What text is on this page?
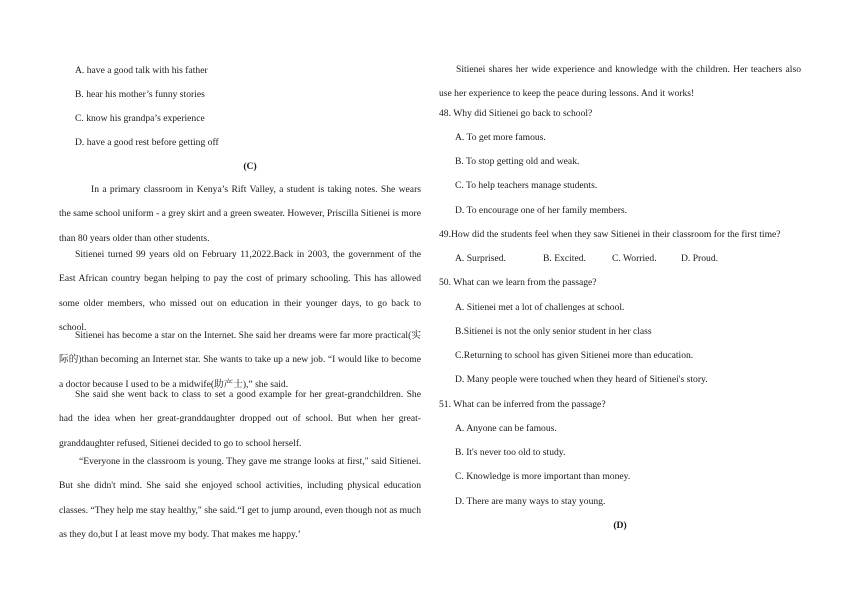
A. have a good talk with his father
B. hear his mother’s funny stories
C. know his grandpa’s experience
D. have a good rest before getting off
(C)
In a primary classroom in Kenya’s Rift Valley, a student is taking notes. She wears the same school uniform - a grey skirt and a green sweater. However, Priscilla Sitienei is more than 80 years older than other students.
Sitienei turned 99 years old on February 11,2022.Back in 2003, the government of the East African country began helping to pay the cost of primary schooling. This has allowed some older members, who missed out on education in their younger days, to go back to school.
Sitienei has become a star on the Internet. She said her dreams were far more practical(实际的)than becoming an Internet star. She wants to take up a new job. “I would like to become a doctor because I used to be a midwife(助产士),” she said.
She said she went back to class to set a good example for her great-grandchildren. She had the idea when her great-granddaughter dropped out of school. But when her great-granddaughter refused, Sitienei decided to go to school herself.
“Everyone in the classroom is young. They gave me strange looks at first," said Sitienei. But she didn't mind. She said she enjoyed school activities, including physical education classes. “They help me stay healthy," she said.“I get to jump around, even though not as much as they do,but I at least move my body. That makes me happy.’
Sitienei shares her wide experience and knowledge with the children. Her teachers also use her experience to keep the peace during lessons. And it works!
48. Why did Sitienei go back to school?
A. To get more famous.
B. To stop getting old and weak.
C. To help teachers manage students.
D. To encourage one of her family members.
49.How did the students feel when they saw Sitienei in their classroom for the first time?
A. Surprised.	B. Excited.	C. Worried.	D. Proud.
50. What can we learn from the passage?
A. Sitienei met a lot of challenges at school.
B.Sitienei is not the only senior student in her class
C.Returning to school has given Sitienei more than education.
D. Many people were touched when they heard of Sitienei's story.
51. What can be inferred from the passage?
A. Anyone can be famous.
B. It's never too old to study.
C. Knowledge is more important than money.
D. There are many ways to stay young.
(D)
